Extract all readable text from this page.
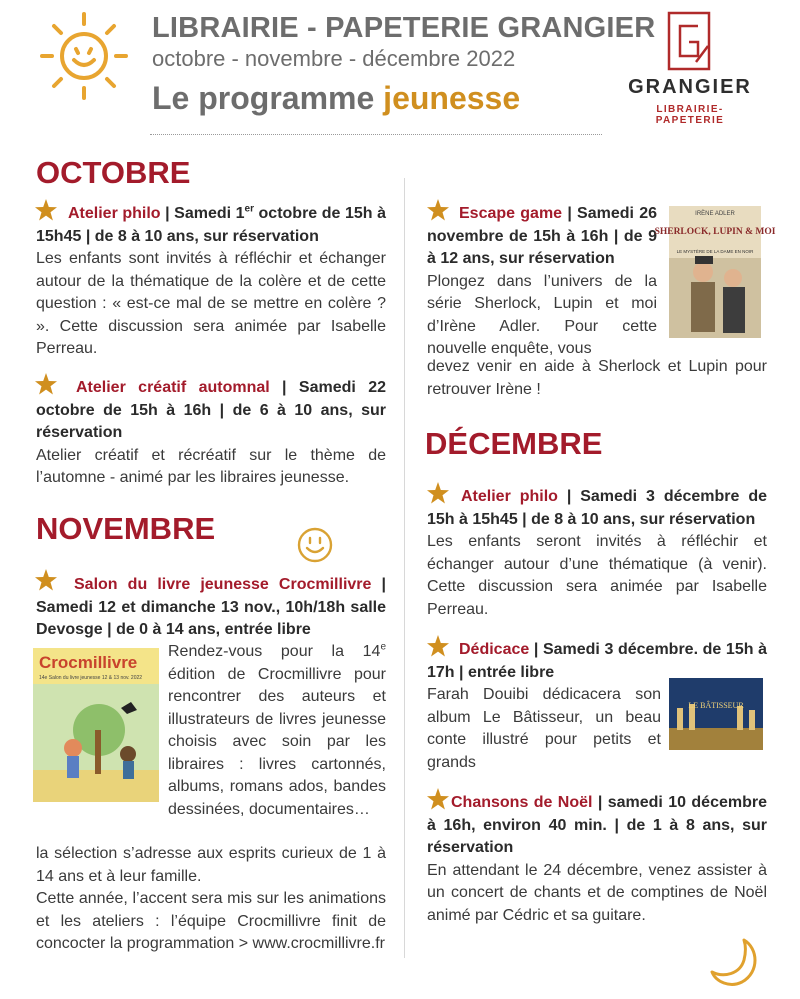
LIBRAIRIE - PAPETERIE GRANGIER
octobre - novembre - décembre 2022
Le programme jeunesse	GRANGIER
LIBRAIRIE-PAPETERIE
OCTOBRE
Atelier philo | Samedi 1er octobre de 15h à 15h45 | de 8 à 10 ans, sur réservation
Les enfants sont invités à réfléchir et échanger autour de la thématique de la colère et de cette question : « est-ce mal de se mettre en colère ? ». Cette discussion sera animée par Isabelle Perreau.
Atelier créatif automnal | Samedi 22 octobre de 15h à 16h | de 6 à 10 ans, sur réservation
Atelier créatif et récréatif sur le thème de l’automne - animé par les libraires jeunesse.
NOVEMBRE
Salon du livre jeunesse Crocmillivre | Samedi 12 et dimanche 13 nov., 10h/18h salle Devosge | de 0 à 14 ans, entrée libre
Rendez-vous pour la 14e édition de Crocmillivre pour rencontrer des auteurs et illustrateurs de livres jeunesse choisis avec soin par les libraires : livres cartonnés, albums, romans ados, bandes dessinées, documentaires…
la sélection s’adresse aux esprits curieux de 1 à 14 ans et à leur famille.
Cette année, l’accent sera mis sur les animations et les ateliers : l’équipe Crocmillivre finit de concocter la programmation > www.crocmillivre.fr
Crocmillivre
14e Salon du livre jeunesse 12 & 13 nov. 2022
Escape game | Samedi 26 novembre de 15h à 16h | de 9 à 12 ans, sur réservation
Plongez dans l’univers de la série Sherlock, Lupin et moi d’Irène Adler. Pour cette nouvelle enquête, vous
devez venir en aide à Sherlock et Lupin pour retrouver Irène !
IRÈNE ADLER
SHERLOCK, LUPIN & MOI
LE MYSTÈRE DE LA DAME EN NOIR
DÉCEMBRE
Atelier philo | Samedi 3 décembre de 15h à 15h45 | de 8 à 10 ans, sur réservation
Les enfants seront invités à réfléchir et échanger autour d’une thématique (à venir). Cette discussion sera animée par Isabelle Perreau.
Dédicace | Samedi 3 décembre. de 15h à 17h | entrée libre
Farah Douibi dédicacera son album Le Bâtisseur, un beau conte illustré pour petits et grands
LE BÂTISSEUR
Chansons de Noël | samedi 10 décembre à 16h, environ 40 min. | de 1 à 8 ans, sur réservation
En attendant le 24 décembre, venez assister à un concert de chants et de comptines de Noël animé par Cédric et sa guitare.
